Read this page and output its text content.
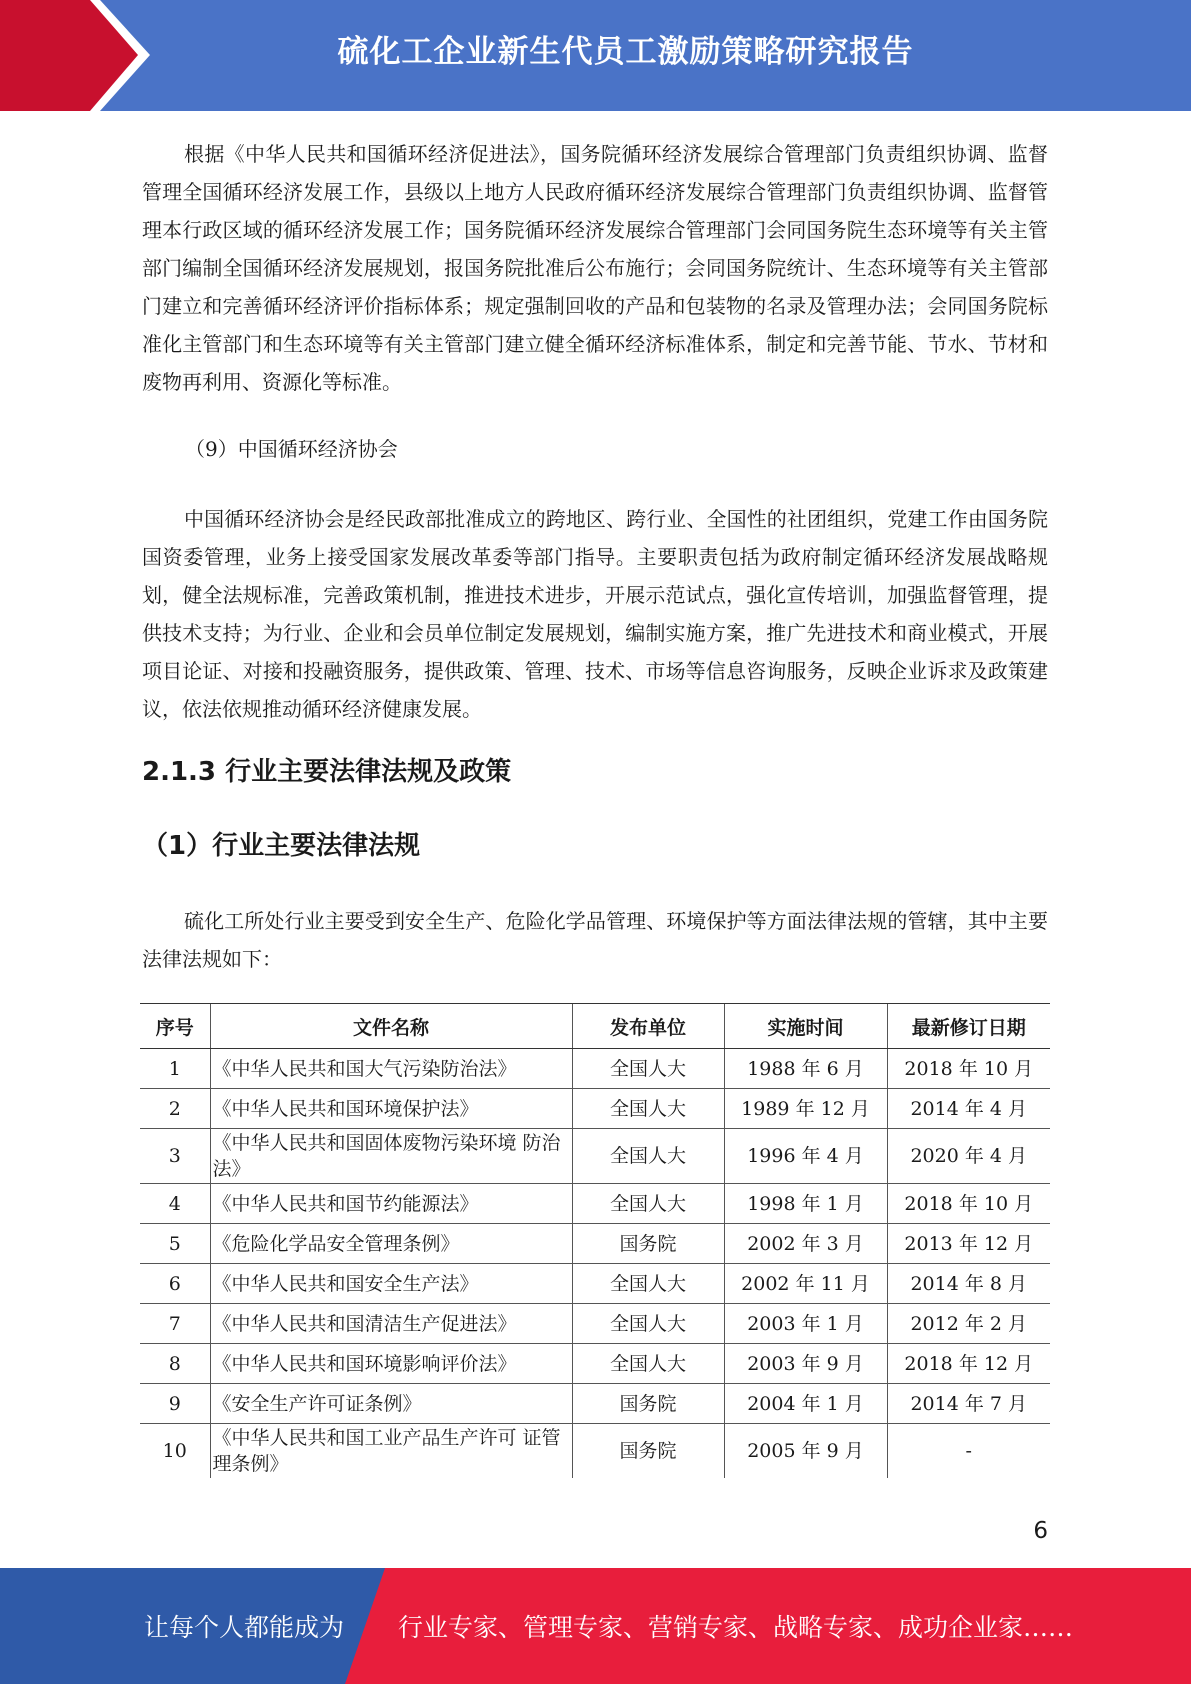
硫化工企业新生代员工激励策略研究报告

根据《中华人民共和国循环经济促进法》，国务院循环经济发展综合管理部门负责组织协调、监督管理全国循环经济发展工作，县级以上地方人民政府循环经济发展综合管理部门负责组织协调、监督管理本行政区域的循环经济发展工作；国务院循环经济发展综合管理部门会同国务院生态环境等有关主管部门编制全国循环经济发展规划，报国务院批准后公布施行；会同国务院统计、生态环境等有关主管部门建立和完善循环经济评价指标体系；规定强制回收的产品和包装物的名录及管理办法；会同国务院标准化主管部门和生态环境等有关主管部门建立健全循环经济标准体系，制定和完善节能、节水、节材和废物再利用、资源化等标准。

（9）中国循环经济协会

中国循环经济协会是经民政部批准成立的跨地区、跨行业、全国性的社团组织，党建工作由国务院国资委管理，业务上接受国家发展改革委等部门指导。主要职责包括为政府制定循环经济发展战略规划，健全法规标准，完善政策机制，推进技术进步，开展示范试点，强化宣传培训，加强监督管理，提供技术支持；为行业、企业和会员单位制定发展规划，编制实施方案，推广先进技术和商业模式，开展项目论证、对接和投融资服务，提供政策、管理、技术、市场等信息咨询服务，反映企业诉求及政策建议，依法依规推动循环经济健康发展。

2.1.3 行业主要法律法规及政策
（1）行业主要法律法规

硫化工所处行业主要受到安全生产、危险化学品管理、环境保护等方面法律法规的管辖，其中主要法律法规如下：

序号	文件名称	发布单位	实施时间	最新修订日期
1	《中华人民共和国大气污染防治法》	全国人大	1988 年 6 月	2018 年 10 月
2	《中华人民共和国环境保护法》	全国人大	1989 年 12 月	2014 年 4 月
3	《中华人民共和国固体废物污染环境 防治法》	全国人大	1996 年 4 月	2020 年 4 月
4	《中华人民共和国节约能源法》	全国人大	1998 年 1 月	2018 年 10 月
5	《危险化学品安全管理条例》	国务院	2002 年 3 月	2013 年 12 月
6	《中华人民共和国安全生产法》	全国人大	2002 年 11 月	2014 年 8 月
7	《中华人民共和国清洁生产促进法》	全国人大	2003 年 1 月	2012 年 2 月
8	《中华人民共和国环境影响评价法》	全国人大	2003 年 9 月	2018 年 12 月
9	《安全生产许可证条例》	国务院	2004 年 1 月	2014 年 7 月
10	《中华人民共和国工业产品生产许可 证管理条例》	国务院	2005 年 9 月	-
6
让每个人都能成为 行业专家、管理专家、营销专家、战略专家、成功企业家……
